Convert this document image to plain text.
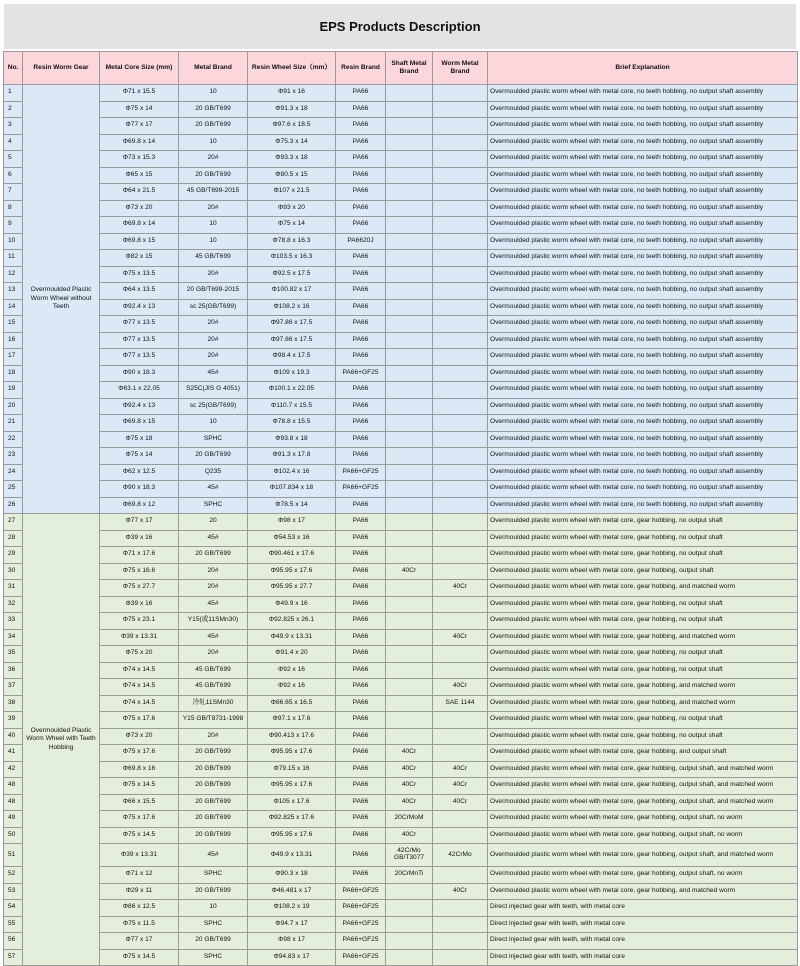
EPS Products Description
No.	Resin Worm Gear	Metal Core Size (mm)	Metal Brand	Resin Wheel Size（mm）	Resin Brand	Shaft Metal Brand	Worm Metal Brand	Brief Explanation
1	Overmoulded Plastic Worm Wheel without Teeth	Φ71 x 15.5	10	Φ91 x 16	PA66			Overmoulded plastic worm wheel with metal core, no teeth hobbing, no output shaft assembly
2		Φ75 x 14	20 GB/T699	Φ91.3 x 18	PA66			Overmoulded plastic worm wheel with metal core, no teeth hobbing, no output shaft assembly
3		Φ77 x 17	20 GB/T699	Φ97.6 x 18.5	PA66			Overmoulded plastic worm wheel with metal core, no teeth hobbing, no output shaft assembly
4		Φ69.8 x 14	10	Φ75.3 x 14	PA66			Overmoulded plastic worm wheel with metal core, no teeth hobbing, no output shaft assembly
5		Φ73 x 15.3	20#	Φ93.3 x 18	PA66			Overmoulded plastic worm wheel with metal core, no teeth hobbing, no output shaft assembly
6		Φ65 x 15	20 GB/T699	Φ80.5 x 15	PA66			Overmoulded plastic worm wheel with metal core, no teeth hobbing, no output shaft assembly
7		Φ64 x 21.5	45 GB/T699-2015	Φ107 x 21.5	PA66			Overmoulded plastic worm wheel with metal core, no teeth hobbing, no output shaft assembly
8		Φ73 x 20	20#	Φ93 x 20	PA66			Overmoulded plastic worm wheel with metal core, no teeth hobbing, no output shaft assembly
9		Φ69.8 x 14	10	Φ75 x 14	PA66			Overmoulded plastic worm wheel with metal core, no teeth hobbing, no output shaft assembly
10		Φ69.8 x 15	10	Φ78.8 x 16.3	PA6620J			Overmoulded plastic worm wheel with metal core, no teeth hobbing, no output shaft assembly
11		Φ82 x 15	45 GB/T699	Φ103.5 x 16.3	PA66			Overmoulded plastic worm wheel with metal core, no teeth hobbing, no output shaft assembly
12		Φ75 x 13.5	20#	Φ92.5 x 17.5	PA66			Overmoulded plastic worm wheel with metal core, no teeth hobbing, no output shaft assembly
13		Φ64 x 13.5	20 GB/T699-2015	Φ100.82 x 17	PA66			Overmoulded plastic worm wheel with metal core, no teeth hobbing, no output shaft assembly
14		Φ92.4 x 13	sc 25(GB/T699)	Φ108.2 x 16	PA66			Overmoulded plastic worm wheel with metal core, no teeth hobbing, no output shaft assembly
15		Φ77 x 13.5	20#	Φ97.86 x 17.5	PA66			Overmoulded plastic worm wheel with metal core, no teeth hobbing, no output shaft assembly
16		Φ77 x 13.5	20#	Φ97.86 x 17.5	PA66			Overmoulded plastic worm wheel with metal core, no teeth hobbing, no output shaft assembly
17		Φ77 x 13.5	20#	Φ98.4 x 17.5	PA66			Overmoulded plastic worm wheel with metal core, no teeth hobbing, no output shaft assembly
18		Φ90 x 18.3	45#	Φ109 x 19.3	PA66+GF25			Overmoulded plastic worm wheel with metal core, no teeth hobbing, no output shaft assembly
19		Φ63.1 x 22.05	S25C(JIS G 4051)	Φ100.1 x 22.05	PA66			Overmoulded plastic worm wheel with metal core, no teeth hobbing, no output shaft assembly
20		Φ92.4 x 13	sc 25(GB/T699)	Φ110.7 x 15.5	PA66			Overmoulded plastic worm wheel with metal core, no teeth hobbing, no output shaft assembly
21		Φ69.8 x 15	10	Φ78.8 x 15.5	PA66			Overmoulded plastic worm wheel with metal core, no teeth hobbing, no output shaft assembly
22		Φ75 x 18	SPHC	Φ93.8 x 18	PA66			Overmoulded plastic worm wheel with metal core, no teeth hobbing, no output shaft assembly
23		Φ75 x 14	20 GB/T699	Φ91.3 x 17.8	PA66			Overmoulded plastic worm wheel with metal core, no teeth hobbing, no output shaft assembly
24		Φ62 x 12.5	Q235	Φ102.4 x 16	PA66+GF25			Overmoulded plastic worm wheel with metal core, no teeth hobbing, no output shaft assembly
25		Φ90 x 18.3	45#	Φ107.834 x 18	PA66+GF25			Overmoulded plastic worm wheel with metal core, no teeth hobbing, no output shaft assembly
26		Φ69.8 x 12	SPHC	Φ78.5 x 14	PA66			Overmoulded plastic worm wheel with metal core, no teeth hobbing, no output shaft assembly
27	Overmoulded Plastic Worm Wheel with Teeth Hobbing	Φ77 x 17	20	Φ98 x 17	PA66			Overmoulded plastic worm wheel with metal core, gear hobbing, no output shaft
28		Φ39 x 16	45#	Φ54.53 x 16	PA66			Overmoulded plastic worm wheel with metal core, gear hobbing, no output shaft
29		Φ71 x 17.6	20 GB/T699	Φ90.461 x 17.6	PA66			Overmoulded plastic worm wheel with metal core, gear hobbing, no output shaft
30		Φ75 x 16.6	20#	Φ95.95 x 17.6	PA66	40Cr		Overmoulded plastic worm wheel with metal core, gear hobbing, output shaft
31		Φ75 x 27.7	20#	Φ95.95 x 27.7	PA66		40Cr	Overmoulded plastic worm wheel with metal core, gear hobbing, and matched worm
32		Φ39 x 16	45#	Φ49.9 x 16	PA66			Overmoulded plastic worm wheel with metal core, gear hobbing, no output shaft
33		Φ75 x 23.1	Y15(或11SMn30)	Φ92.825 x 26.1	PA66			Overmoulded plastic worm wheel with metal core, gear hobbing, no output shaft
34		Φ39 x 13.31	45#	Φ49.9 x 13.31	PA66		40Cr	Overmoulded plastic worm wheel with metal core, gear hobbing, and matched worm
35		Φ75 x 20	20#	Φ91.4 x 20	PA66			Overmoulded plastic worm wheel with metal core, gear hobbing, no output shaft
36		Φ74 x 14.5	45 GB/T699	Φ92 x 16	PA66			Overmoulded plastic worm wheel with metal core, gear hobbing, no output shaft
37		Φ74 x 14.5	45 GB/T699	Φ92 x 16	PA66		40Cr	Overmoulded plastic worm wheel with metal core, gear hobbing, and matched worm
38		Φ74 x 14.5	冷轧11SMn30	Φ86.65 x 16.5	PA66		SAE 1144	Overmoulded plastic worm wheel with metal core, gear hobbing, and matched worm
39		Φ75 x 17.6	Y15 GB/T8731-1998	Φ97.1 x 17.6	PA66			Overmoulded plastic worm wheel with metal core, gear hobbing, no output shaft
40		Φ73 x 20	20#	Φ90.413 x 17.6	PA66			Overmoulded plastic worm wheel with metal core, gear hobbing, no output shaft
41		Φ75 x 17.6	20 GB/T699	Φ95.95 x 17.6	PA66	40Cr		Overmoulded plastic worm wheel with metal core, gear hobbing, and output shaft
42		Φ69.8 x 16	20 GB/T699	Φ79.15 x 16	PA66	40Cr	40Cr	Overmoulded plastic worm wheel with metal core, gear hobbing, output shaft, and matched worm
48		Φ75 x 14.5	20 GB/T699	Φ95.95 x 17.6	PA66	40Cr	40Cr	Overmoulded plastic worm wheel with metal core, gear hobbing, output shaft, and matched worm
48		Φ66 x 15.5	20 GB/T699	Φ105 x 17.6	PA66	40Cr	40Cr	Overmoulded plastic worm wheel with metal core, gear hobbing, output shaft, and matched worm
49		Φ75 x 17.6	20 GB/T699	Φ92.825 x 17.6	PA66	20CrMoM		Overmoulded plastic worm wheel with metal core, gear hobbing, output shaft, no worm
50		Φ75 x 14.5	20 GB/T699	Φ95.95 x 17.6	PA66	40Cr		Overmoulded plastic worm wheel with metal core, gear hobbing, output shaft, no worm
51		Φ39 x 13.31	45#	Φ49.9 x 13.31	PA66	42CrMo GB/T3077	42CrMo	Overmoulded plastic worm wheel with metal core, gear hobbing, output shaft, and matched worm
52		Φ71 x 12	SPHC	Φ90.3 x 18	PA66	20CrMnTi		Overmoulded plastic worm wheel with metal core, gear hobbing, output shaft, no worm
53		Φ29 x 11	20 GB/T699	Φ46.481 x 17	PA66+GF25		40Cr	Overmoulded plastic worm wheel with metal core, gear hobbing, and matched worm
54		Φ86 x 12.5	10	Φ108.2 x 19	PA66+GF25			Direct injected gear with teeth, with metal core
55		Φ75 x 11.5	SPHC	Φ94.7 x 17	PA66+GF25			Direct injected gear with teeth, with metal core
56		Φ77 x 17	20 GB/T699	Φ98 x 17	PA66+GF25			Direct injected gear with teeth, with metal core
57		Φ75 x 14.5	SPHC	Φ94.83 x 17	PA66+GF25			Direct injected gear with teeth, with metal core
